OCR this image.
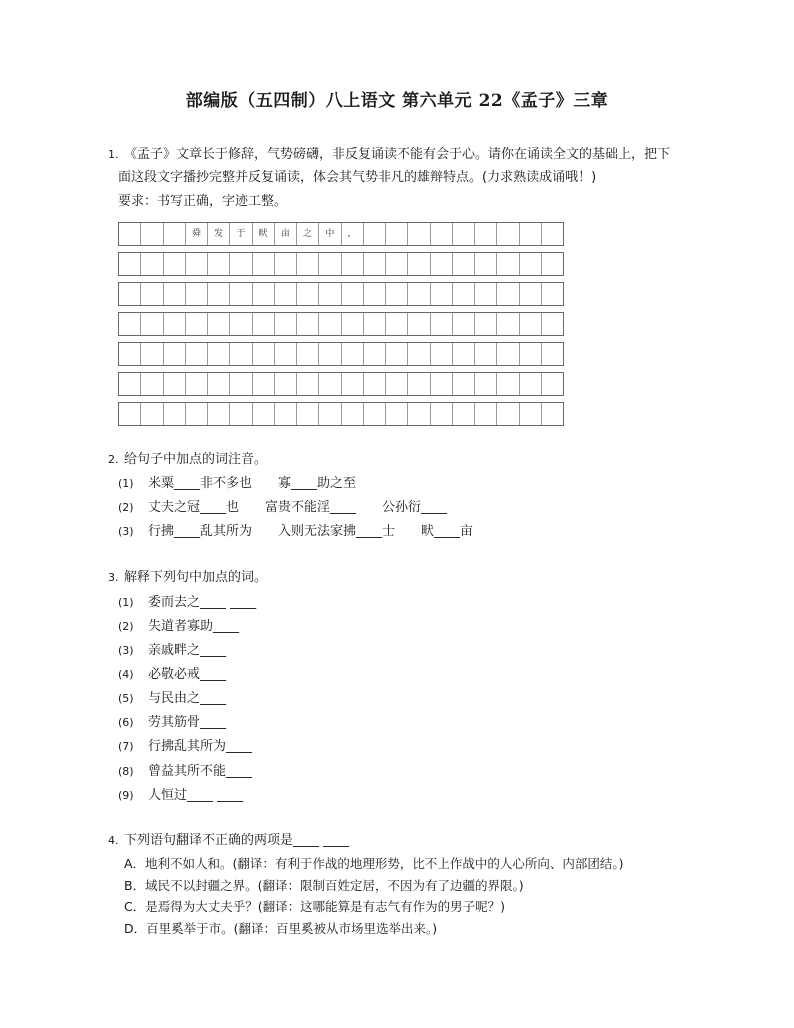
部编版（五四制）八上语文 第六单元 22《孟子》三章
1. 《孟子》文章长于修辞，气势磅礴，非反复诵读不能有会于心。请你在诵读全文的基础上，把下
面这段文字播抄完整并反复诵读，体会其气势非凡的雄辩特点。(力求熟读成诵哦！)
要求：书写正确，字迹工整。
舜	发	于	畎	亩	之	中	，
2. 给句子中加点的词注音。
(1) 米粟____非不多也 寡____助之至
(2) 丈夫之冠____也 富贵不能淫____ 公孙衍____
(3) 行拂____乱其所为 入则无法家拂____士 畎____亩
3. 解释下列句中加点的词。
(1) 委而去之____ ____
(2) 失道者寡助____
(3) 亲戚畔之____
(4) 必敬必戒____
(5) 与民由之____
(6) 劳其筋骨____
(7) 行拂乱其所为____
(8) 曾益其所不能____
(9) 人恒过____ ____
4. 下列语句翻译不正确的两项是____ ____
A．地利不如人和。(翻译：有利于作战的地理形势，比不上作战中的人心所向、内部团结。)
B．域民不以封疆之界。(翻译：限制百姓定居，不因为有了边疆的界限。)
C．是焉得为大丈夫乎？(翻译：这哪能算是有志气有作为的男子呢？)
D．百里奚举于市。(翻译：百里奚被从市场里选举出来。)
